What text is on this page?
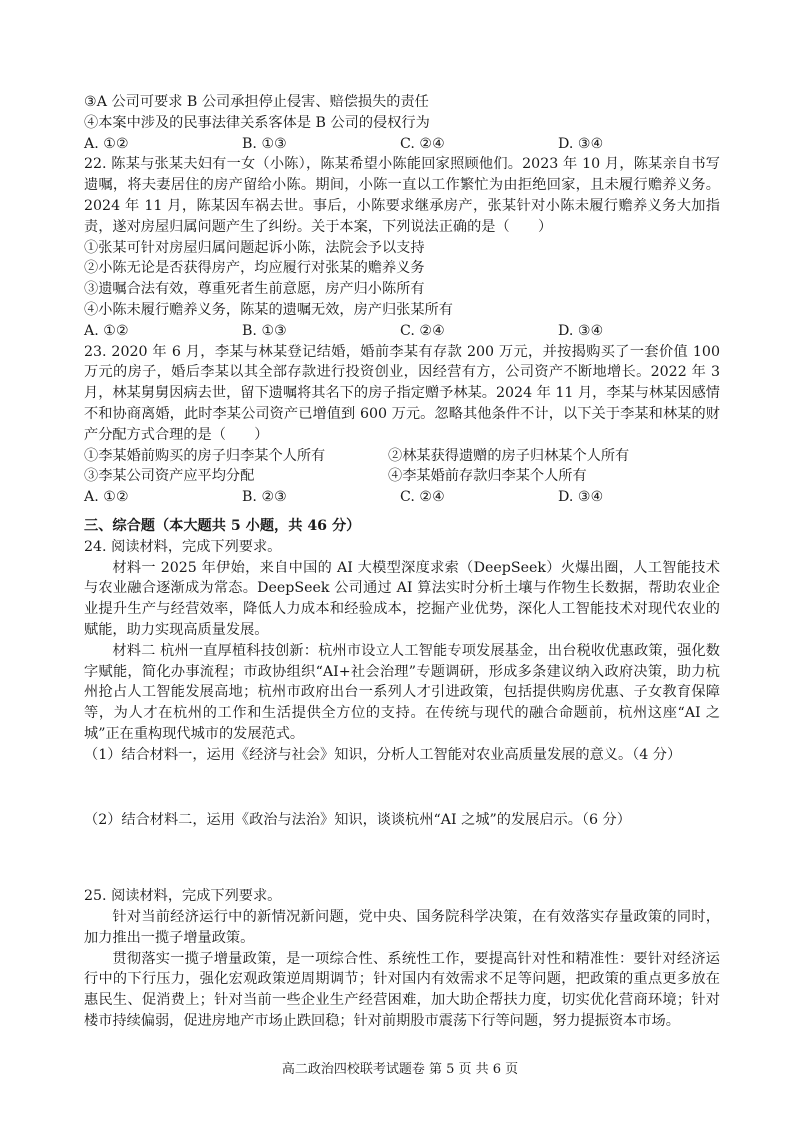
③A 公司可要求 B 公司承担停止侵害、赔偿损失的责任
④本案中涉及的民事法律关系客体是 B 公司的侵权行为
A. ①②	B. ①③	C. ②④	D. ③④
22. 陈某与张某夫妇有一女（小陈），陈某希望小陈能回家照顾他们。2023 年 10 月，陈某亲自书写遗嘱，将夫妻居住的房产留给小陈。期间，小陈一直以工作繁忙为由拒绝回家，且未履行赡养义务。2024 年 11 月，陈某因车祸去世。事后，小陈要求继承房产，张某针对小陈未履行赡养义务大加指责，遂对房屋归属问题产生了纠纷。关于本案，下列说法正确的是（　　）
①张某可针对房屋归属问题起诉小陈，法院会予以支持
②小陈无论是否获得房产，均应履行对张某的赡养义务
③遗嘱合法有效，尊重死者生前意愿，房产归小陈所有
④小陈未履行赡养义务，陈某的遗嘱无效，房产归张某所有
A. ①②	B. ①③	C. ②④	D. ③④
23. 2020 年 6 月，李某与林某登记结婚，婚前李某有存款 200 万元，并按揭购买了一套价值 100 万元的房子，婚后李某以其全部存款进行投资创业，因经营有方，公司资产不断地增长。2022 年 3 月，林某舅舅因病去世，留下遗嘱将其名下的房子指定赠予林某。2024 年 11 月，李某与林某因感情不和协商离婚，此时李某公司资产已增值到 600 万元。忽略其他条件不计，以下关于李某和林某的财产分配方式合理的是（　　）
①李某婚前购买的房子归李某个人所有	②林某获得遗赠的房子归林某个人所有
③李某公司资产应平均分配	④李某婚前存款归李某个人所有
A. ①②	B. ②③	C. ②④	D. ③④
三、综合题（本大题共 5 小题，共 46 分）
24. 阅读材料，完成下列要求。
材料一 2025 年伊始，来自中国的 AI 大模型深度求索（DeepSeek）火爆出圈，人工智能技术与农业融合逐渐成为常态。DeepSeek 公司通过 AI 算法实时分析土壤与作物生长数据，帮助农业企业提升生产与经营效率，降低人力成本和经验成本，挖掘产业优势，深化人工智能技术对现代农业的赋能，助力实现高质量发展。
材料二 杭州一直厚植科技创新：杭州市设立人工智能专项发展基金，出台税收优惠政策，强化数字赋能，简化办事流程；市政协组织“AI+社会治理”专题调研，形成多条建议纳入政府决策，助力杭州抢占人工智能发展高地；杭州市政府出台一系列人才引进政策，包括提供购房优惠、子女教育保障等，为人才在杭州的工作和生活提供全方位的支持。在传统与现代的融合命题前，杭州这座“AI 之城”正在重构现代城市的发展范式。
（1）结合材料一，运用《经济与社会》知识，分析人工智能对农业高质量发展的意义。（4 分）
（2）结合材料二，运用《政治与法治》知识，谈谈杭州“AI 之城”的发展启示。（6 分）
25. 阅读材料，完成下列要求。
针对当前经济运行中的新情况新问题，党中央、国务院科学决策，在有效落实存量政策的同时，加力推出一揽子增量政策。
贯彻落实一揽子增量政策，是一项综合性、系统性工作，要提高针对性和精准性：要针对经济运行中的下行压力，强化宏观政策逆周期调节；针对国内有效需求不足等问题，把政策的重点更多放在惠民生、促消费上；针对当前一些企业生产经营困难，加大助企帮扶力度，切实优化营商环境；针对楼市持续偏弱，促进房地产市场止跌回稳；针对前期股市震荡下行等问题，努力提振资本市场。
高二政治四校联考试题卷 第 5 页 共 6 页
